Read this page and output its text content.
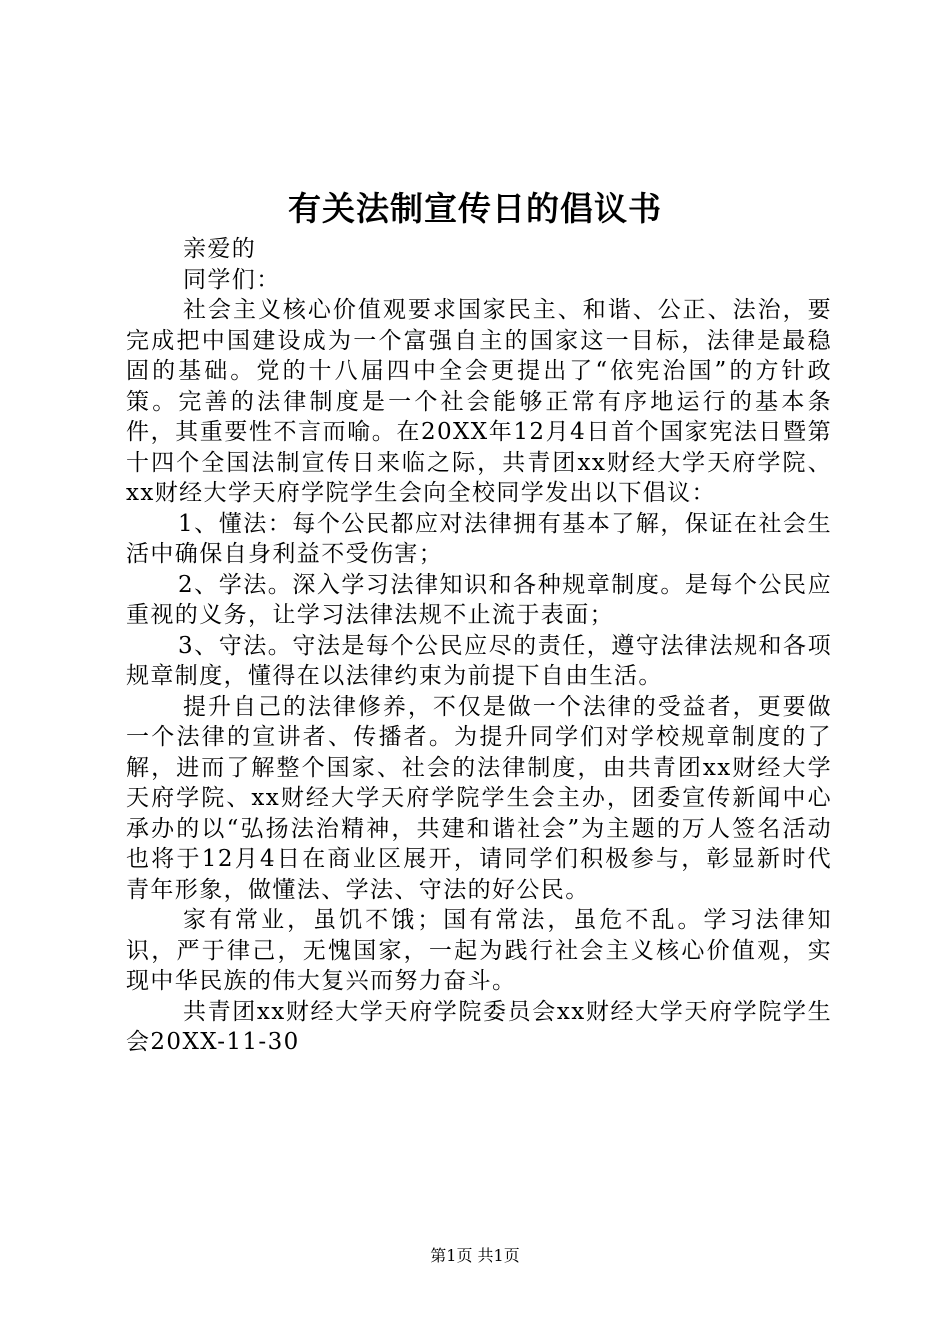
有关法制宣传日的倡议书

亲爱的

同学们：

社会主义核心价值观要求国家民主、和谐、公正、法治，要完成把中国建设成为一个富强自主的国家这一目标，法律是最稳固的基础。党的十八届四中全会更提出了“依宪治国”的方针政策。完善的法律制度是一个社会能够正常有序地运行的基本条件，其重要性不言而喻。在20XX年12月4日首个国家宪法日暨第十四个全国法制宣传日来临之际，共青团xx财经大学天府学院、xx财经大学天府学院学生会向全校同学发出以下倡议：

1、懂法：每个公民都应对法律拥有基本了解，保证在社会生活中确保自身利益不受伤害；

2、学法。深入学习法律知识和各种规章制度。是每个公民应重视的义务，让学习法律法规不止流于表面；

3、守法。守法是每个公民应尽的责任，遵守法律法规和各项规章制度，懂得在以法律约束为前提下自由生活。

提升自己的法律修养，不仅是做一个法律的受益者，更要做一个法律的宣讲者、传播者。为提升同学们对学校规章制度的了解，进而了解整个国家、社会的法律制度，由共青团xx财经大学天府学院、xx财经大学天府学院学生会主办，团委宣传新闻中心承办的以“弘扬法治精神，共建和谐社会”为主题的万人签名活动也将于12月4日在商业区展开，请同学们积极参与，彰显新时代青年形象，做懂法、学法、守法的好公民。

家有常业，虽饥不饿；国有常法，虽危不乱。学习法律知识，严于律己，无愧国家，一起为践行社会主义核心价值观，实现中华民族的伟大复兴而努力奋斗。

共青团xx财经大学天府学院委员会xx财经大学天府学院学生会20XX-11-30

第1页 共1页
